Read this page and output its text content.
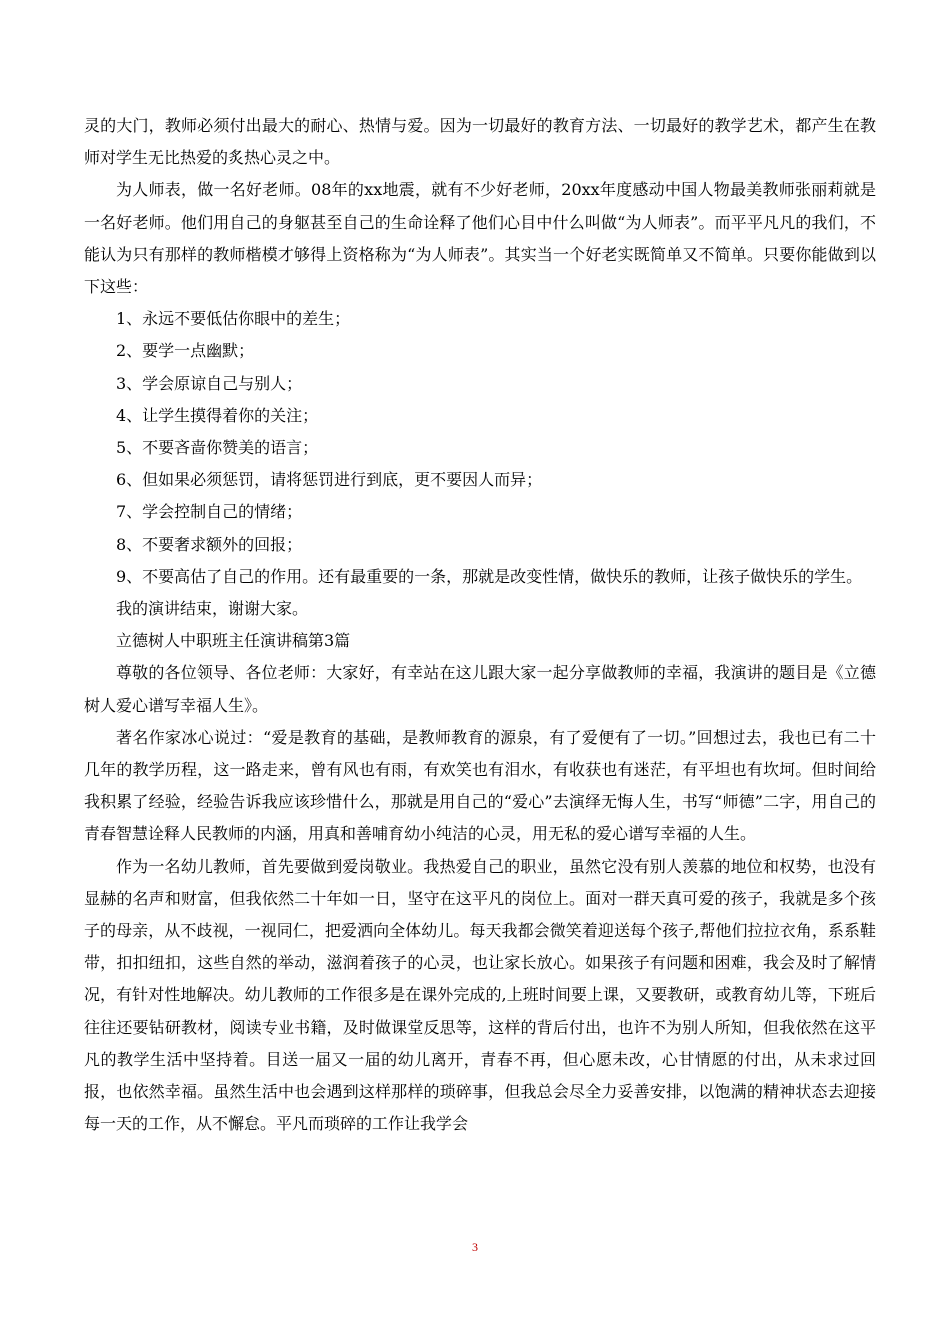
灵的大门，教师必须付出最大的耐心、热情与爱。因为一切最好的教育方法、一切最好的教学艺术，都产生在教师对学生无比热爱的炙热心灵之中。

为人师表，做一名好老师。08年的xx地震，就有不少好老师，20xx年度感动中国人物最美教师张丽莉就是一名好老师。他们用自己的身躯甚至自己的生命诠释了他们心目中什么叫做“为人师表”。而平平凡凡的我们，不能认为只有那样的教师楷模才够得上资格称为“为人师表”。其实当一个好老实既简单又不简单。只要你能做到以下这些：

1、永远不要低估你眼中的差生；

2、要学一点幽默；

3、学会原谅自己与别人；

4、让学生摸得着你的关注；

5、不要吝啬你赞美的语言；

6、但如果必须惩罚，请将惩罚进行到底，更不要因人而异；

7、学会控制自己的情绪；

8、不要奢求额外的回报；

9、不要高估了自己的作用。还有最重要的一条，那就是改变性情，做快乐的教师，让孩子做快乐的学生。

我的演讲结束，谢谢大家。

立德树人中职班主任演讲稿第3篇

尊敬的各位领导、各位老师：大家好，有幸站在这儿跟大家一起分享做教师的幸福，我演讲的题目是《立德树人爱心谱写幸福人生》。

著名作家冰心说过：“爱是教育的基础，是教师教育的源泉，有了爱便有了一切。”回想过去，我也已有二十几年的教学历程，这一路走来，曾有风也有雨，有欢笑也有泪水，有收获也有迷茫，有平坦也有坎坷。但时间给我积累了经验，经验告诉我应该珍惜什么，那就是用自己的“爱心”去演绎无悔人生，书写“师德”二字，用自己的青春智慧诠释人民教师的内涵，用真和善哺育幼小纯洁的心灵，用无私的爱心谱写幸福的人生。

作为一名幼儿教师，首先要做到爱岗敬业。我热爱自己的职业，虽然它没有别人羡慕的地位和权势，也没有显赫的名声和财富，但我依然二十年如一日，坚守在这平凡的岗位上。面对一群天真可爱的孩子，我就是多个孩子的母亲，从不歧视，一视同仁，把爱洒向全体幼儿。每天我都会微笑着迎送每个孩子,帮他们拉拉衣角，系系鞋带，扣扣纽扣，这些自然的举动，滋润着孩子的心灵，也让家长放心。如果孩子有问题和困难，我会及时了解情况，有针对性地解决。幼儿教师的工作很多是在课外完成的,上班时间要上课，又要教研，或教育幼儿等，下班后往往还要钻研教材，阅读专业书籍，及时做课堂反思等，这样的背后付出，也许不为别人所知，但我依然在这平凡的教学生活中坚持着。目送一届又一届的幼儿离开，青春不再，但心愿未改，心甘情愿的付出，从未求过回报，也依然幸福。虽然生活中也会遇到这样那样的琐碎事，但我总会尽全力妥善安排，以饱满的精神状态去迎接每一天的工作，从不懈怠。平凡而琐碎的工作让我学会

3
